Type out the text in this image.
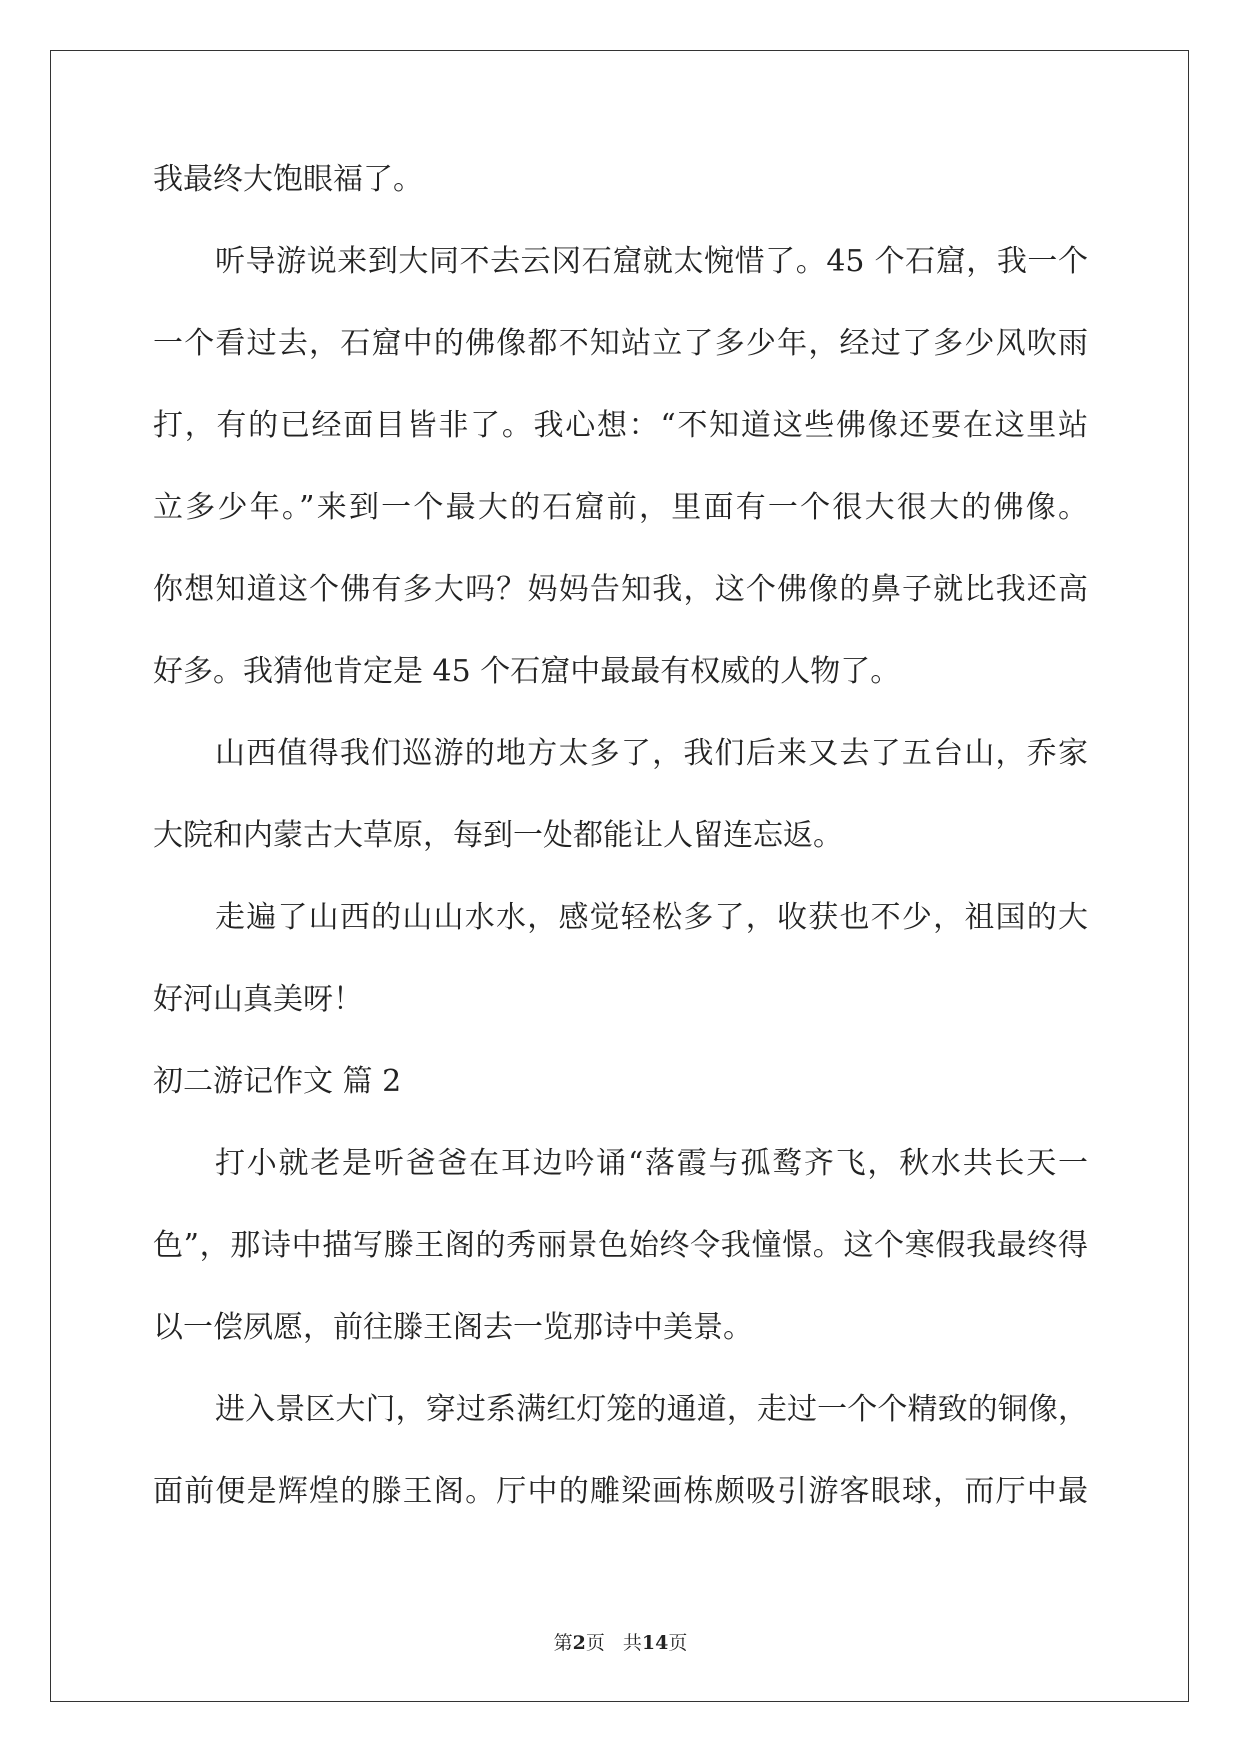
我最终大饱眼福了。
听导游说来到大同不去云冈石窟就太惋惜了。45 个石窟，我一个
一个看过去，石窟中的佛像都不知站立了多少年，经过了多少风吹雨
打，有的已经面目皆非了。我心想：“不知道这些佛像还要在这里站
立多少年。”来到一个最大的石窟前，里面有一个很大很大的佛像。
你想知道这个佛有多大吗？妈妈告知我，这个佛像的鼻子就比我还高
好多。我猜他肯定是 45 个石窟中最最有权威的人物了。
山西值得我们巡游的地方太多了，我们后来又去了五台山，乔家
大院和内蒙古大草原，每到一处都能让人留连忘返。
走遍了山西的山山水水，感觉轻松多了，收获也不少，祖国的大
好河山真美呀！
初二游记作文 篇 2
打小就老是听爸爸在耳边吟诵“落霞与孤鹜齐飞，秋水共长天一
色”，那诗中描写滕王阁的秀丽景色始终令我憧憬。这个寒假我最终得
以一偿夙愿，前往滕王阁去一览那诗中美景。
进入景区大门，穿过系满红灯笼的通道，走过一个个精致的铜像，
面前便是辉煌的滕王阁。厅中的雕梁画栋颇吸引游客眼球，而厅中最
第2页 共14页
